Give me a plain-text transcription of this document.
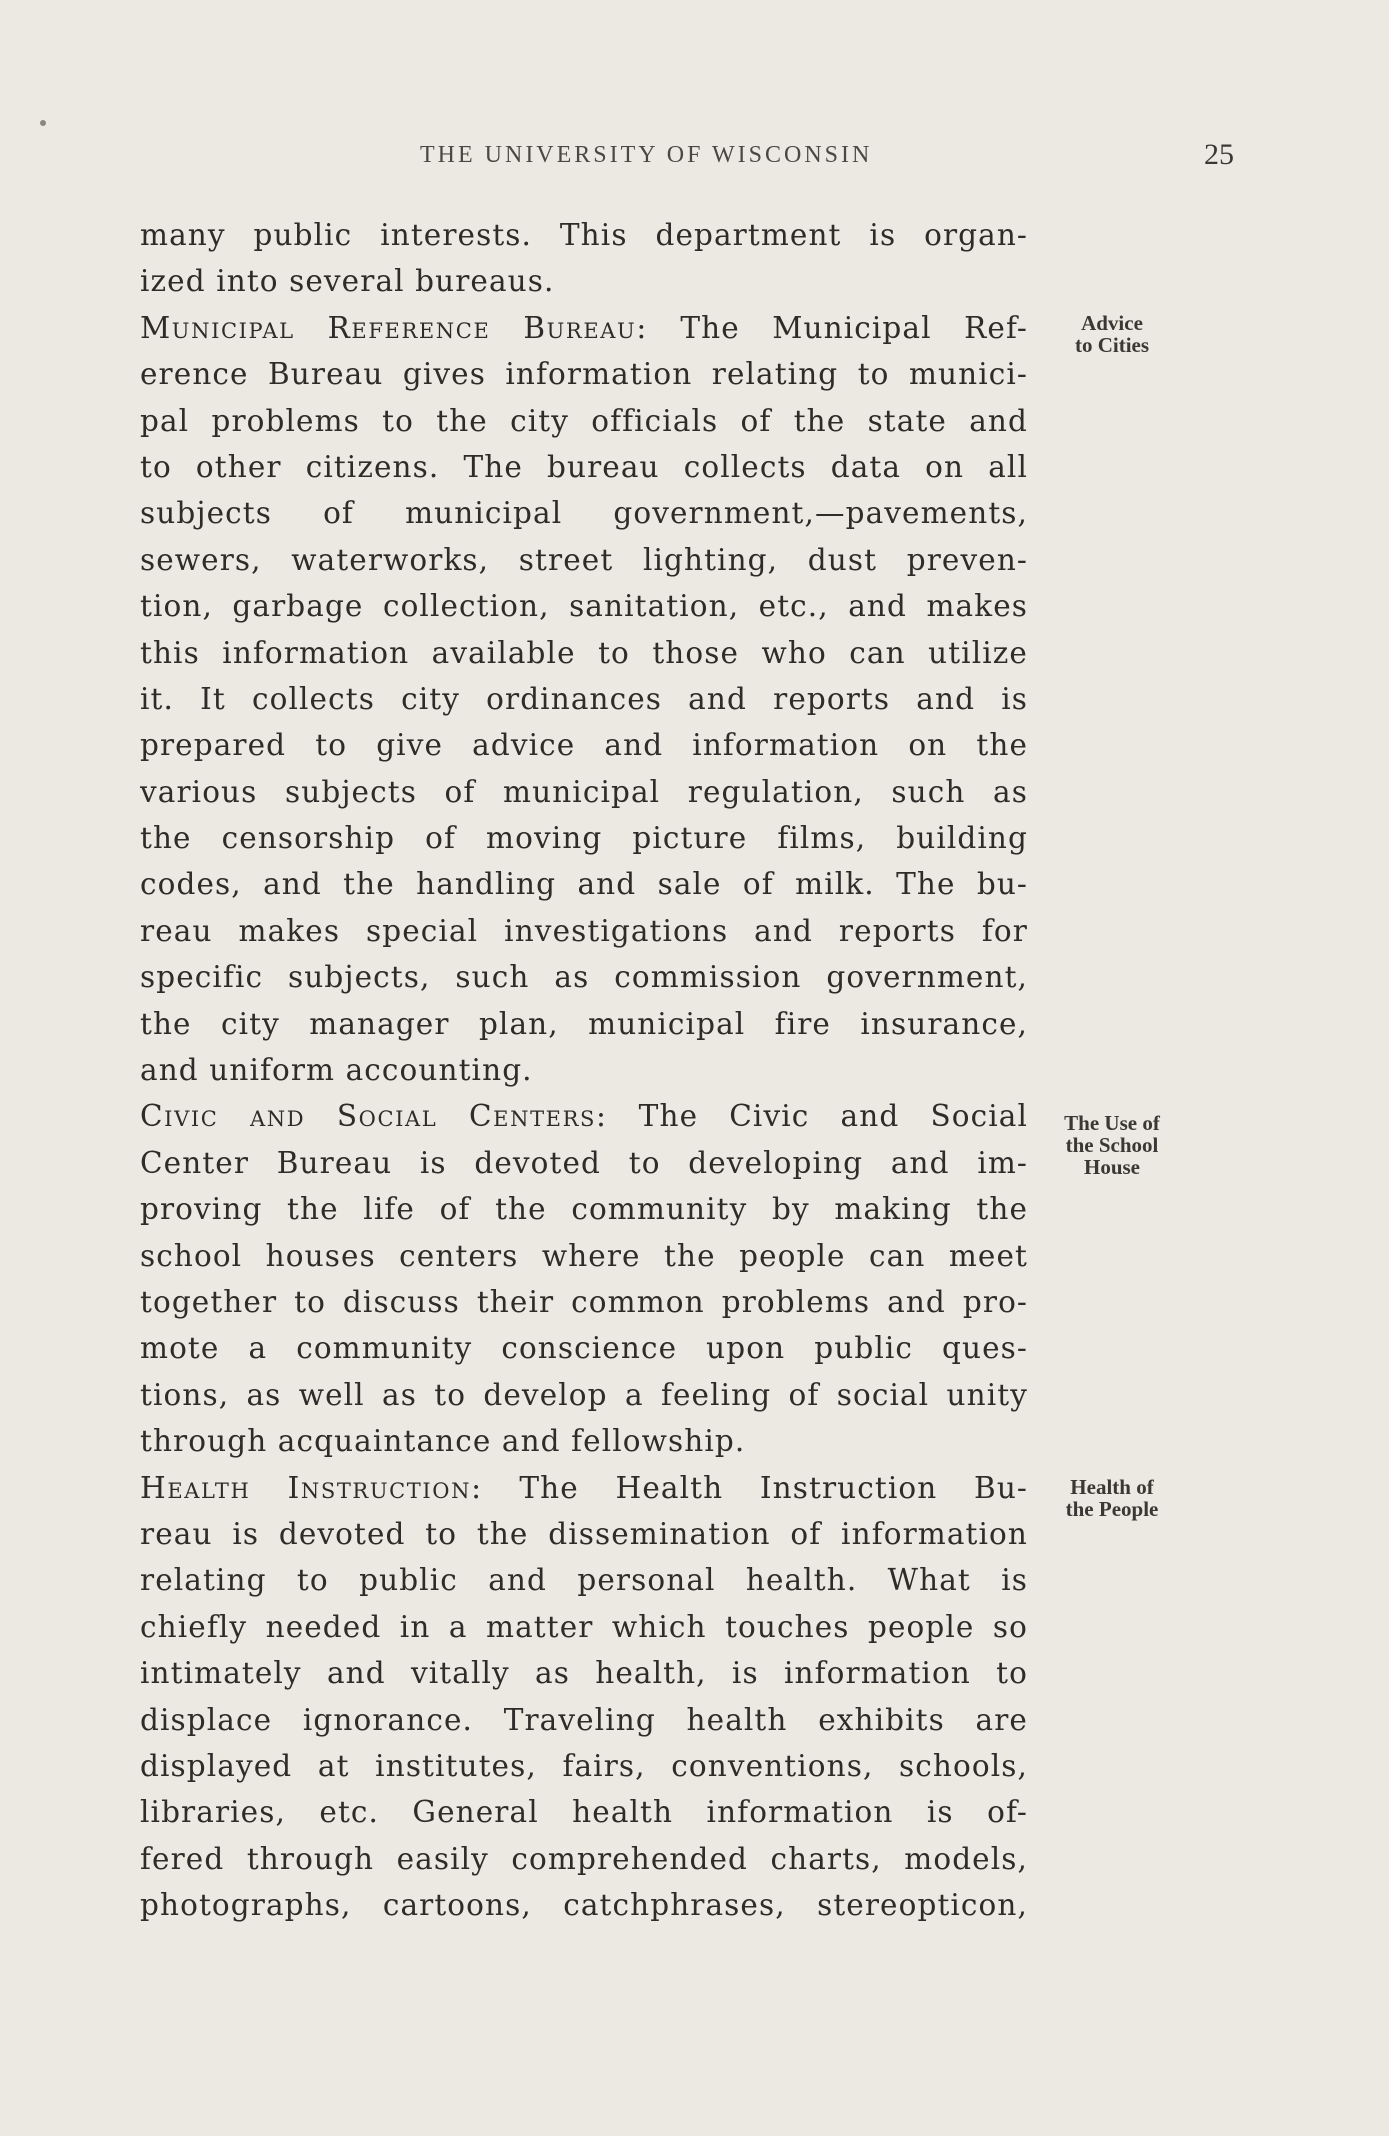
THE UNIVERSITY OF WISCONSIN	25
many public interests. This department is organ-
ized into several bureaus.
Municipal Reference Bureau: The Municipal Ref-
erence Bureau gives information relating to munici-
pal problems to the city officials of the state and
to other citizens. The bureau collects data on all
subjects of municipal government,—pavements,
sewers, waterworks, street lighting, dust preven-
tion, garbage collection, sanitation, etc., and makes
this information available to those who can utilize
it. It collects city ordinances and reports and is
prepared to give advice and information on the
various subjects of municipal regulation, such as
the censorship of moving picture films, building
codes, and the handling and sale of milk. The bu-
reau makes special investigations and reports for
specific subjects, such as commission government,
the city manager plan, municipal fire insurance,
and uniform accounting.
Civic and Social Centers: The Civic and Social
Center Bureau is devoted to developing and im-
proving the life of the community by making the
school houses centers where the people can meet
together to discuss their common problems and pro-
mote a community conscience upon public ques-
tions, as well as to develop a feeling of social unity
through acquaintance and fellowship.
Health Instruction: The Health Instruction Bu-
reau is devoted to the dissemination of information
relating to public and personal health. What is
chiefly needed in a matter which touches people so
intimately and vitally as health, is information to
displace ignorance. Traveling health exhibits are
displayed at institutes, fairs, conventions, schools,
libraries, etc. General health information is of-
fered through easily comprehended charts, models,
photographs, cartoons, catchphrases, stereopticon,
Advice
to Cities
The Use of
the School
House
Health of
the People
